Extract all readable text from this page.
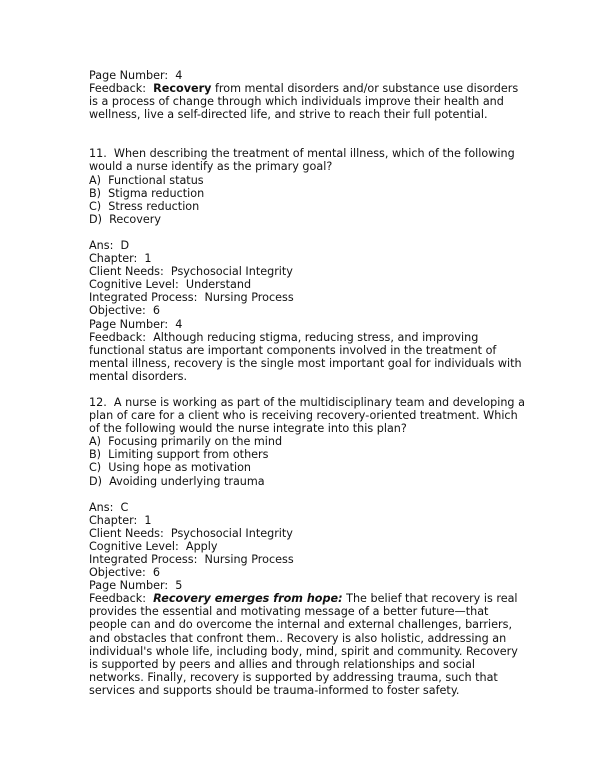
Page Number:  4
Feedback:  Recovery from mental disorders and/or substance use disorders
is a process of change through which individuals improve their health and
wellness, live a self-directed life, and strive to reach their full potential.
11.  When describing the treatment of mental illness, which of the following
would a nurse identify as the primary goal?
A)  Functional status
B)  Stigma reduction
C)  Stress reduction
D)  Recovery
Ans:  D
Chapter:  1
Client Needs:  Psychosocial Integrity
Cognitive Level:  Understand
Integrated Process:  Nursing Process
Objective:  6
Page Number:  4
Feedback:  Although reducing stigma, reducing stress, and improving
functional status are important components involved in the treatment of
mental illness, recovery is the single most important goal for individuals with
mental disorders.
12.  A nurse is working as part of the multidisciplinary team and developing a
plan of care for a client who is receiving recovery-oriented treatment. Which
of the following would the nurse integrate into this plan?
A)  Focusing primarily on the mind
B)  Limiting support from others
C)  Using hope as motivation
D)  Avoiding underlying trauma
Ans:  C
Chapter:  1
Client Needs:  Psychosocial Integrity
Cognitive Level:  Apply
Integrated Process:  Nursing Process
Objective:  6
Page Number:  5
Feedback:  Recovery emerges from hope: The belief that recovery is real
provides the essential and motivating message of a better future—that
people can and do overcome the internal and external challenges, barriers,
and obstacles that confront them.. Recovery is also holistic, addressing an
individual's whole life, including body, mind, spirit and community. Recovery
is supported by peers and allies and through relationships and social
networks. Finally, recovery is supported by addressing trauma, such that
services and supports should be trauma-informed to foster safety.
